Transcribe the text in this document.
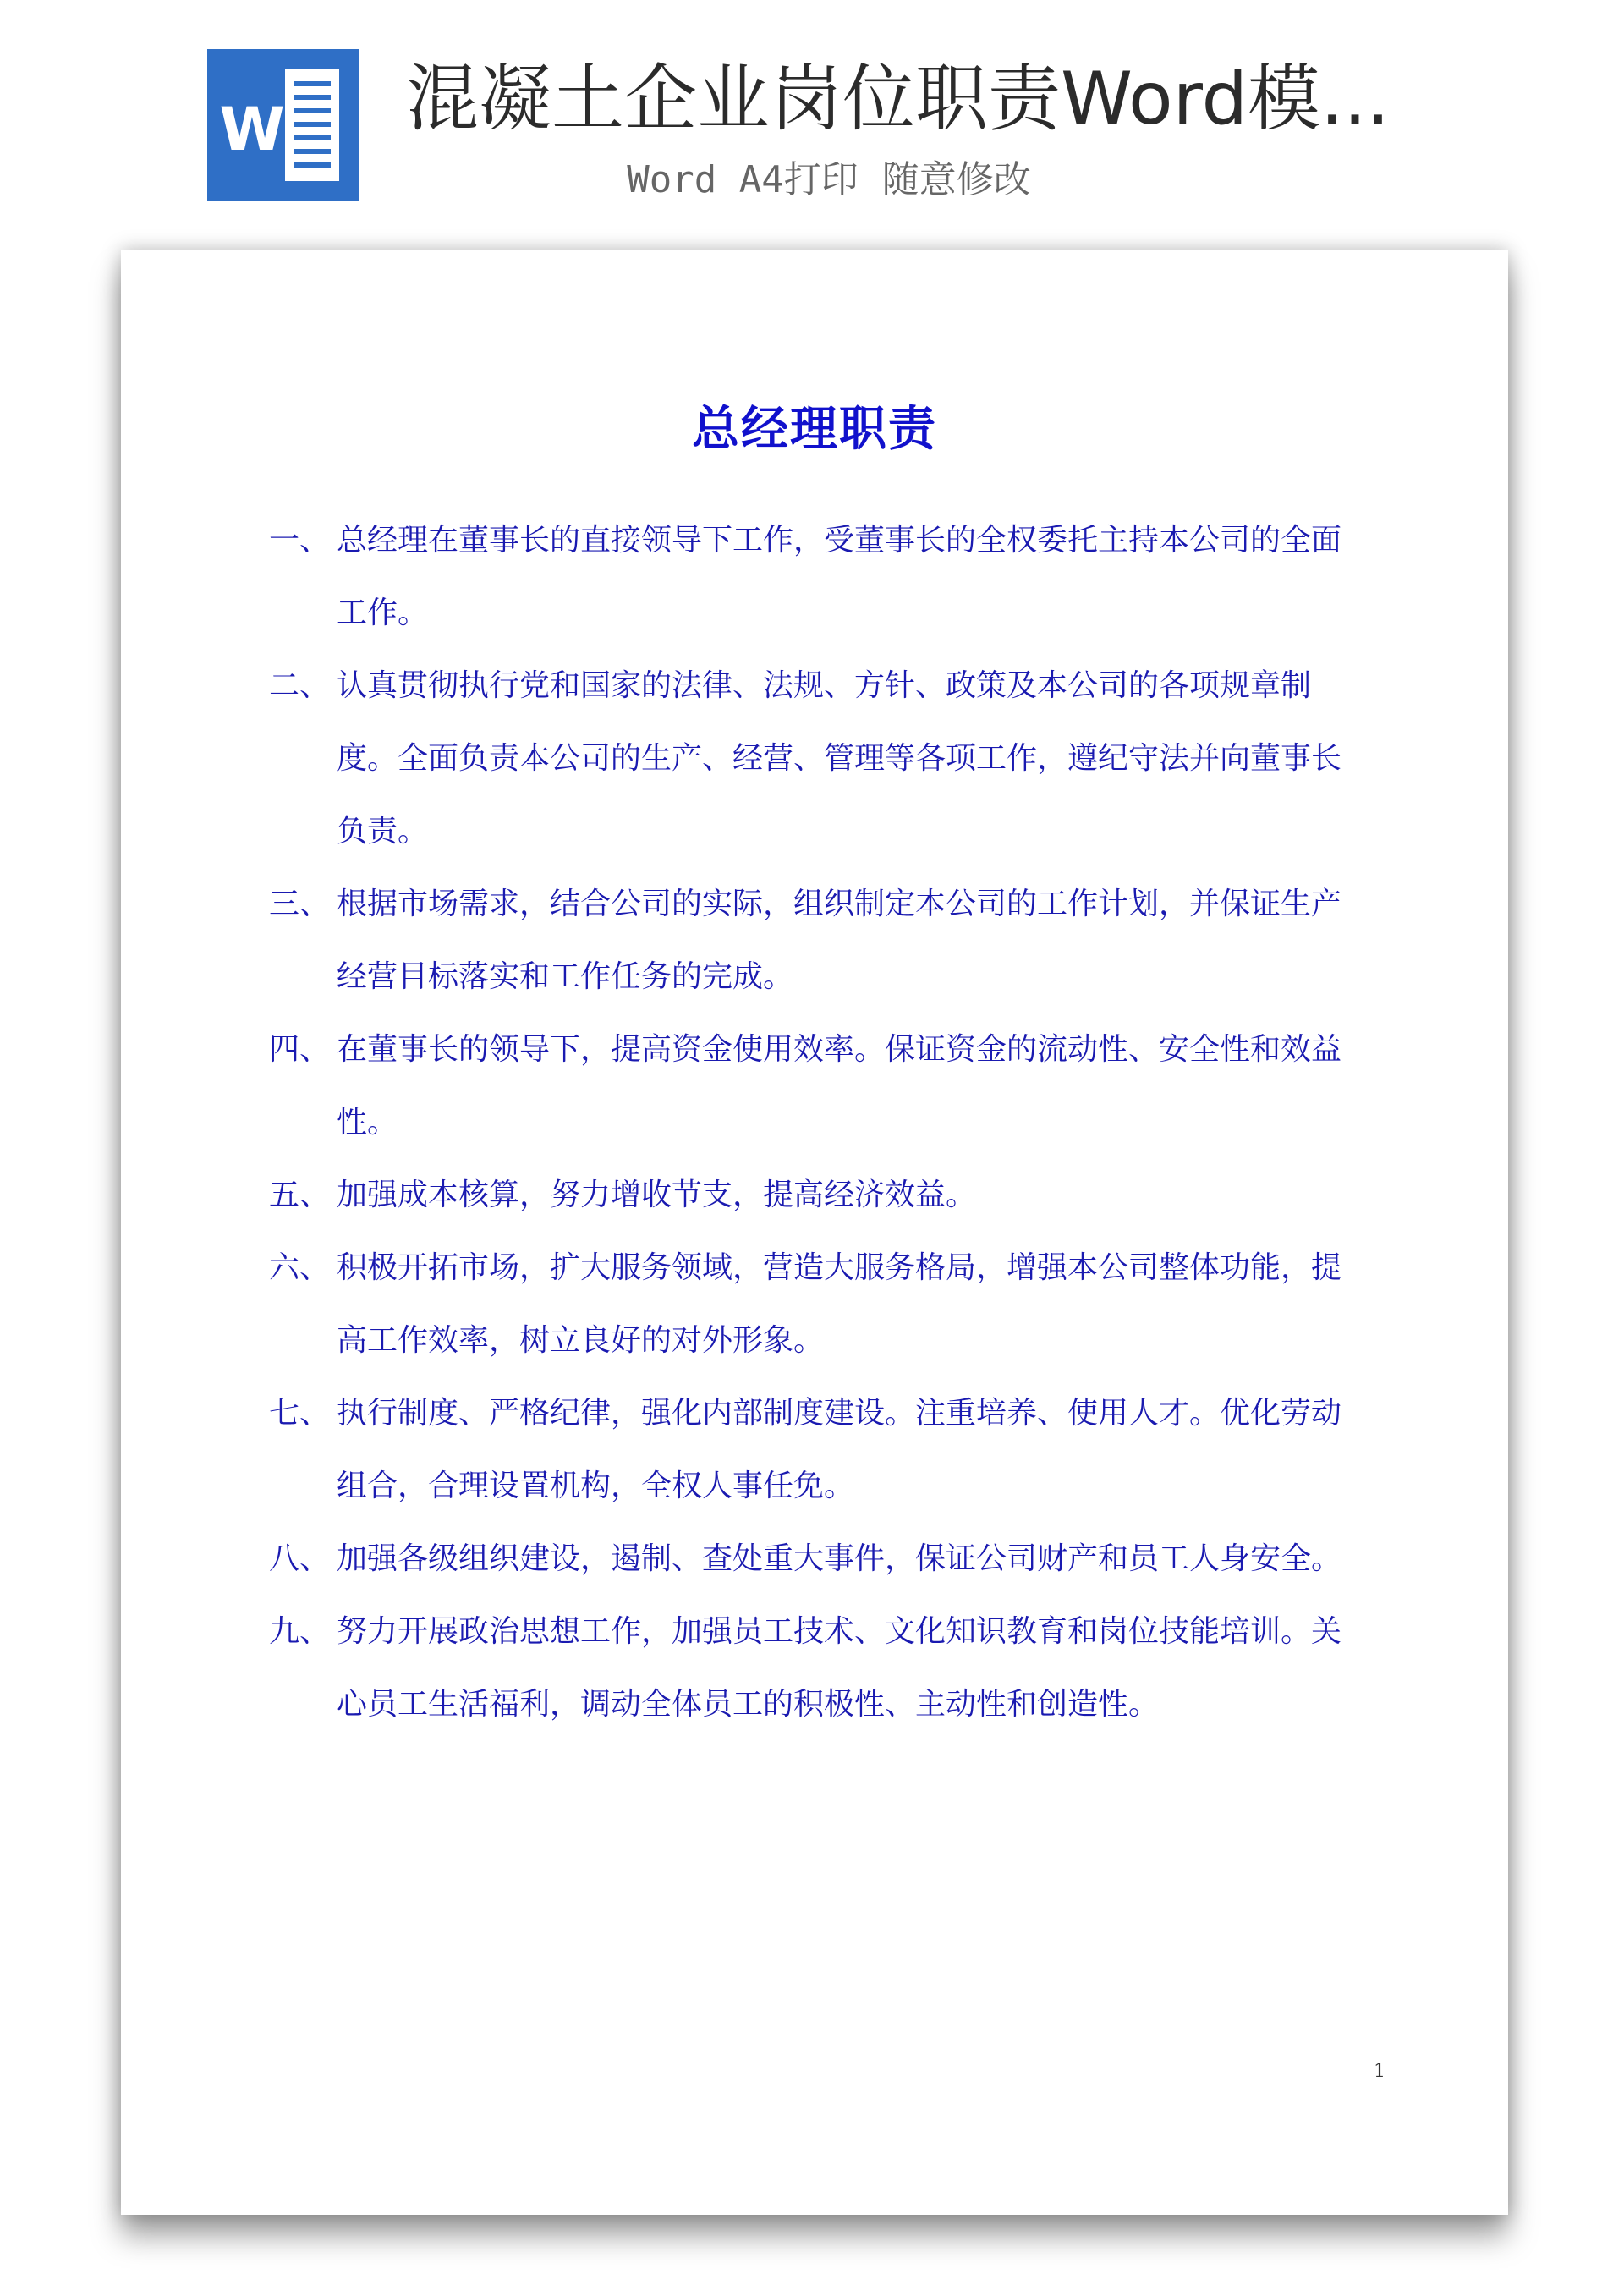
W 混凝土企业岗位职责Word模...
Word A4打印 随意修改
总经理职责
一、 总经理在董事长的直接领导下工作，受董事长的全权委托主持本公司的全面工作。
二、 认真贯彻执行党和国家的法律、法规、方针、政策及本公司的各项规章制度。全面负责本公司的生产、经营、管理等各项工作，遵纪守法并向董事长负责。
三、 根据市场需求，结合公司的实际，组织制定本公司的工作计划，并保证生产经营目标落实和工作任务的完成。
四、 在董事长的领导下，提高资金使用效率。保证资金的流动性、安全性和效益性。
五、 加强成本核算，努力增收节支，提高经济效益。
六、 积极开拓市场，扩大服务领域，营造大服务格局，增强本公司整体功能，提高工作效率，树立良好的对外形象。
七、 执行制度、严格纪律，强化内部制度建设。注重培养、使用人才。优化劳动组合，合理设置机构，全权人事任免。
八、 加强各级组织建设，遏制、查处重大事件，保证公司财产和员工人身安全。
九、 努力开展政治思想工作，加强员工技术、文化知识教育和岗位技能培训。关心员工生活福利，调动全体员工的积极性、主动性和创造性。
1
